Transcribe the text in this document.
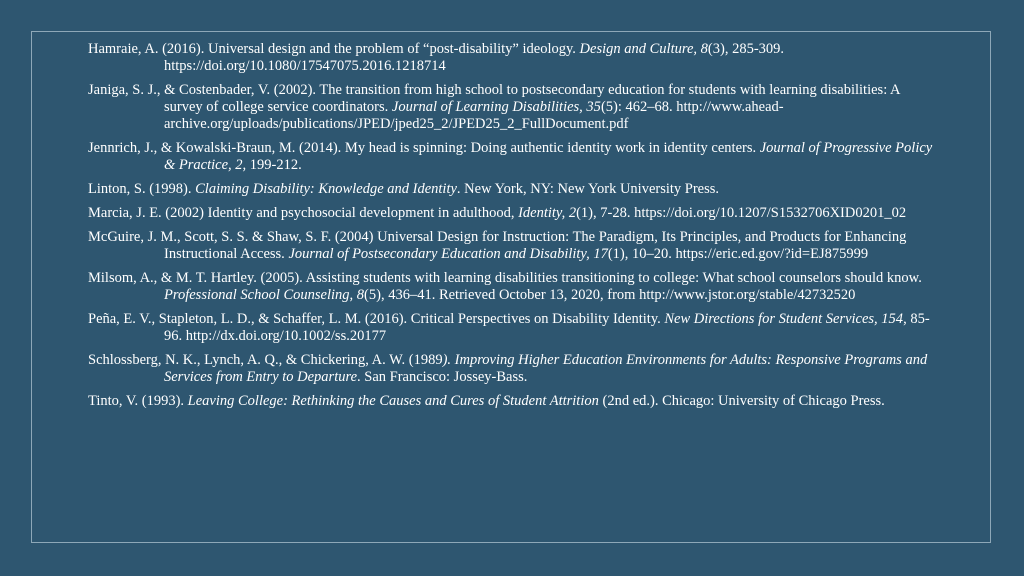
Hamraie, A. (2016). Universal design and the problem of “post-disability” ideology. Design and Culture, 8(3), 285-309. https://doi.org/10.1080/17547075.2016.1218714

Janiga, S. J., & Costenbader, V. (2002). The transition from high school to postsecondary education for students with learning disabilities: A survey of college service coordinators. Journal of Learning Disabilities, 35(5): 462–68. http://www.ahead-archive.org/uploads/publications/JPED/jped25_2/JPED25_2_FullDocument.pdf

Jennrich, J., & Kowalski-Braun, M. (2014). My head is spinning: Doing authentic identity work in identity centers. Journal of Progressive Policy & Practice, 2, 199-212.

Linton, S. (1998). Claiming Disability: Knowledge and Identity. New York, NY: New York University Press.

Marcia, J. E. (2002) Identity and psychosocial development in adulthood, Identity, 2(1), 7-28. https://doi.org/10.1207/S1532706XID0201_02

McGuire, J. M., Scott, S. S. & Shaw, S. F. (2004) Universal Design for Instruction: The Paradigm, Its Principles, and Products for Enhancing Instructional Access. Journal of Postsecondary Education and Disability, 17(1), 10–20. https://eric.ed.gov/?id=EJ875999

Milsom, A., & M. T. Hartley. (2005). Assisting students with learning disabilities transitioning to college: What school counselors should know. Professional School Counseling, 8(5), 436–41. Retrieved October 13, 2020, from http://www.jstor.org/stable/42732520

Peña, E. V., Stapleton, L. D., & Schaffer, L. M. (2016). Critical Perspectives on Disability Identity. New Directions for Student Services, 154, 85-96. http://dx.doi.org/10.1002/ss.20177

Schlossberg, N. K., Lynch, A. Q., & Chickering, A. W. (1989). Improving Higher Education Environments for Adults: Responsive Programs and Services from Entry to Departure. San Francisco: Jossey-Bass.

Tinto, V. (1993). Leaving College: Rethinking the Causes and Cures of Student Attrition (2nd ed.). Chicago: University of Chicago Press.
